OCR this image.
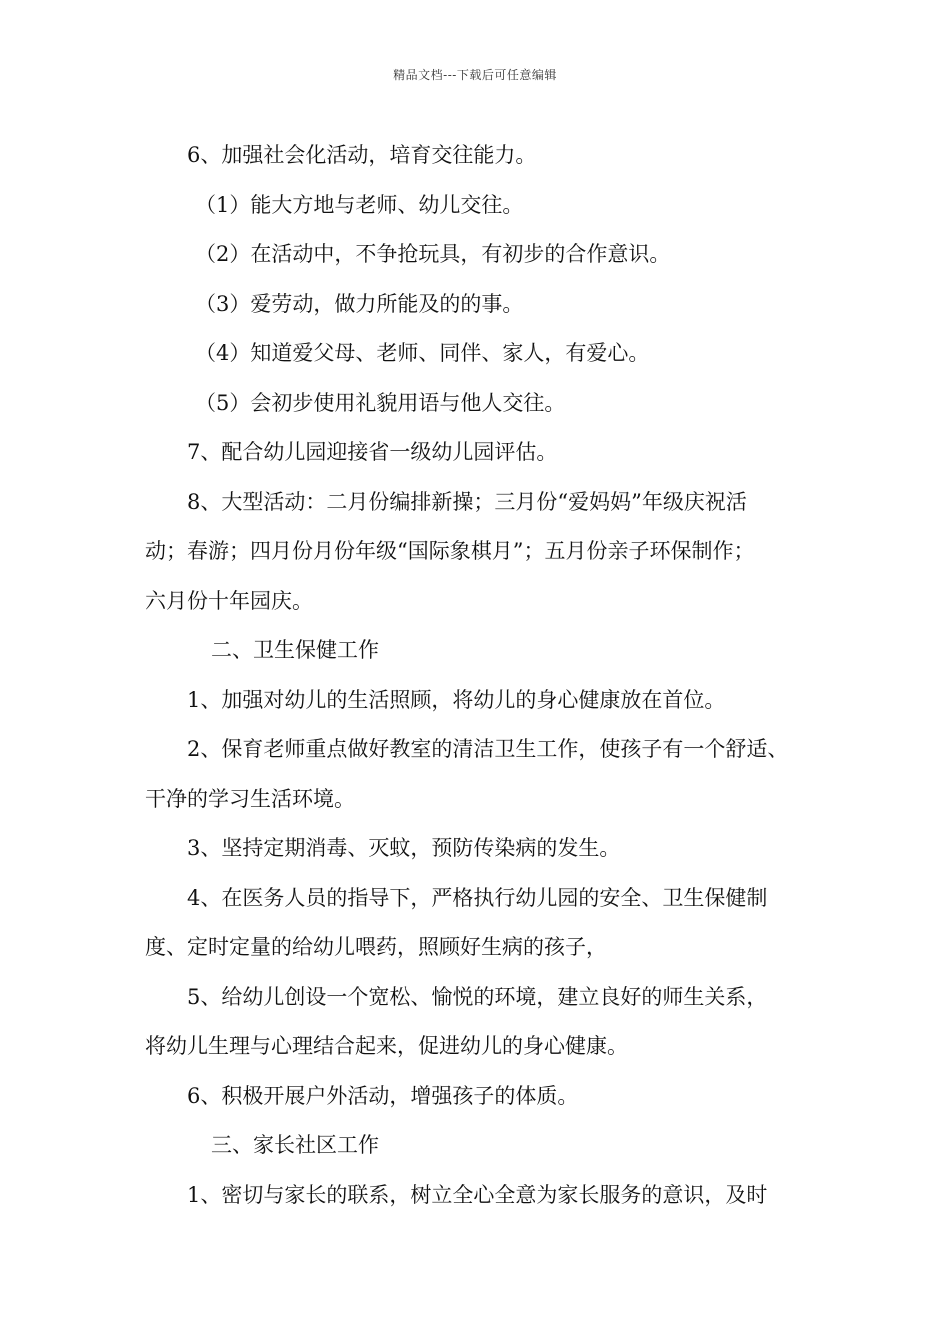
精品文档---下载后可任意编辑
6、加强社会化活动，培育交往能力。
（1）能大方地与老师、幼儿交往。
（2）在活动中，不争抢玩具，有初步的合作意识。
（3）爱劳动，做力所能及的的事。
（4）知道爱父母、老师、同伴、家人，有爱心。
（5）会初步使用礼貌用语与他人交往。
7、配合幼儿园迎接省一级幼儿园评估。
8、大型活动：二月份编排新操；三月份“爱妈妈”年级庆祝活
动；春游；四月份月份年级“国际象棋月”；五月份亲子环保制作；
六月份十年园庆。
二、卫生保健工作
1、加强对幼儿的生活照顾，将幼儿的身心健康放在首位。
2、保育老师重点做好教室的清洁卫生工作，使孩子有一个舒适、
干净的学习生活环境。
3、坚持定期消毒、灭蚊，预防传染病的发生。
4、在医务人员的指导下，严格执行幼儿园的安全、卫生保健制
度、定时定量的给幼儿喂药，照顾好生病的孩子，
5、给幼儿创设一个宽松、愉悦的环境，建立良好的师生关系，
将幼儿生理与心理结合起来，促进幼儿的身心健康。
6、积极开展户外活动，增强孩子的体质。
三、家长社区工作
1、密切与家长的联系，树立全心全意为家长服务的意识，及时
